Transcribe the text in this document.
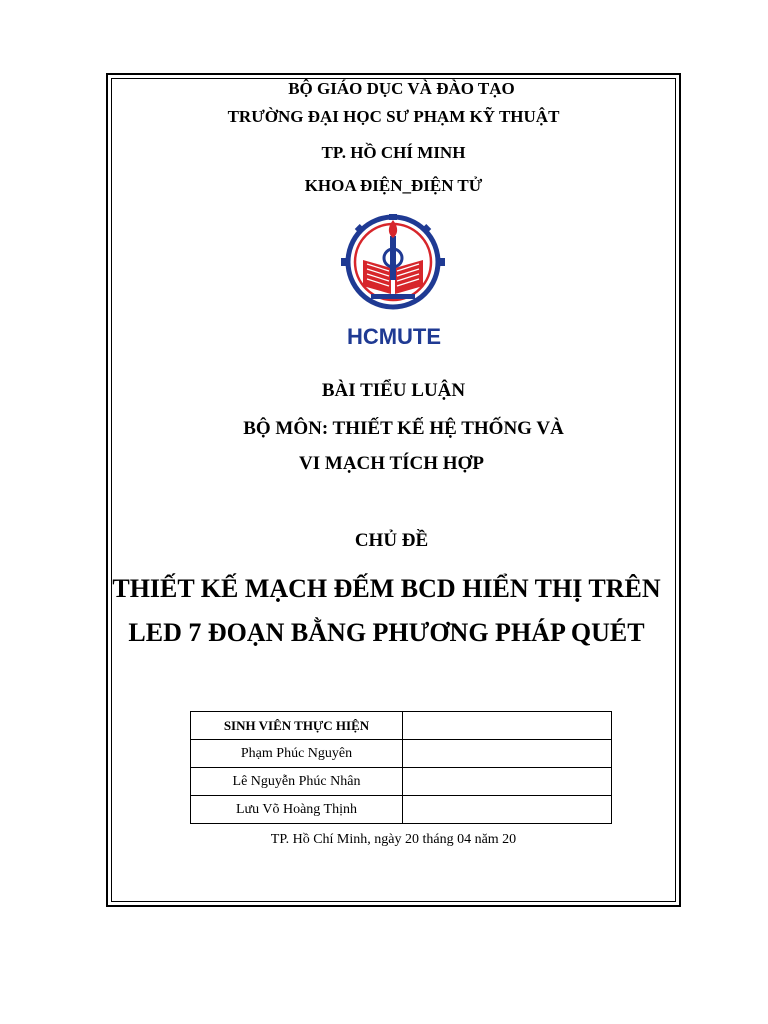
BỘ GIÁO DỤC VÀ ĐÀO TẠO
TRƯỜNG ĐẠI HỌC SƯ PHẠM KỸ THUẬT
TP. HỒ CHÍ MINH
KHOA ĐIỆN_ĐIỆN TỬ
HCMUTE
BÀI TIỂU LUẬN
BỘ MÔN: THIẾT KẾ HỆ THỐNG VÀ
VI MẠCH TÍCH HỢP
CHỦ ĐỀ
THIẾT KẾ MẠCH ĐẾM BCD HIỂN THỊ TRÊN
LED 7 ĐOẠN BẰNG PHƯƠNG PHÁP QUÉT
SINH VIÊN THỰC HIỆN	
Phạm Phúc Nguyên	
Lê Nguyễn Phúc Nhân	
Lưu Võ Hoàng Thịnh	
TP. Hồ Chí Minh, ngày 20 tháng 04 năm 20
